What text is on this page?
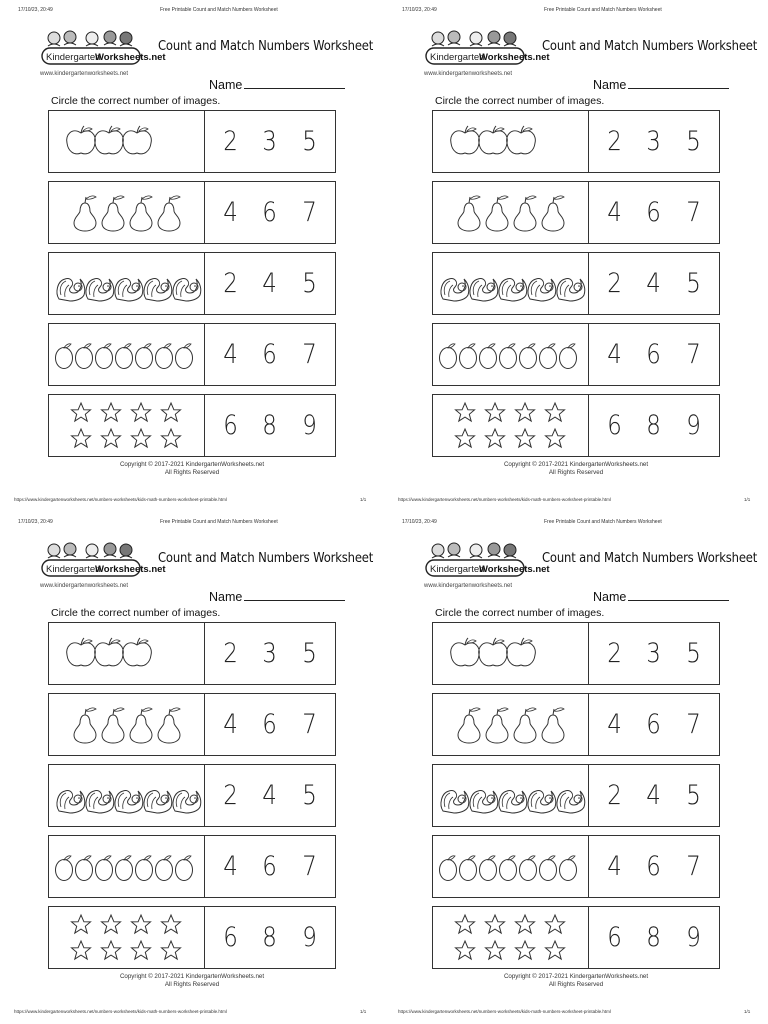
17/10/23, 20:49	Free Printable Count and Match Numbers Worksheet
Kindergarten
Worksheets.net
www.kindergartenworksheets.net
Count and Match Numbers Worksheet
Name
Circle the correct number of images.
2 3 5
4 6 7
2 4 5
4 6 7
6 8 9
Copyright © 2017-2021 KindergartenWorksheets.net
All Rights Reserved
https://www.kindergartenworksheets.net/numbers-worksheets/kids-math-numbers-worksheet-printable.html	1/1
17/10/23, 20:49	Free Printable Count and Match Numbers Worksheet
Kindergarten
Worksheets.net
www.kindergartenworksheets.net
Count and Match Numbers Worksheet
Name
Circle the correct number of images.
2 3 5
4 6 7
2 4 5
4 6 7
6 8 9
Copyright © 2017-2021 KindergartenWorksheets.net
All Rights Reserved
https://www.kindergartenworksheets.net/numbers-worksheets/kids-math-numbers-worksheet-printable.html	1/1
17/10/23, 20:49	Free Printable Count and Match Numbers Worksheet
Kindergarten
Worksheets.net
www.kindergartenworksheets.net
Count and Match Numbers Worksheet
Name
Circle the correct number of images.
2 3 5
4 6 7
2 4 5
4 6 7
6 8 9
Copyright © 2017-2021 KindergartenWorksheets.net
All Rights Reserved
https://www.kindergartenworksheets.net/numbers-worksheets/kids-math-numbers-worksheet-printable.html	1/1
17/10/23, 20:49	Free Printable Count and Match Numbers Worksheet
Kindergarten
Worksheets.net
www.kindergartenworksheets.net
Count and Match Numbers Worksheet
Name
Circle the correct number of images.
2 3 5
4 6 7
2 4 5
4 6 7
6 8 9
Copyright © 2017-2021 KindergartenWorksheets.net
All Rights Reserved
https://www.kindergartenworksheets.net/numbers-worksheets/kids-math-numbers-worksheet-printable.html	1/1
